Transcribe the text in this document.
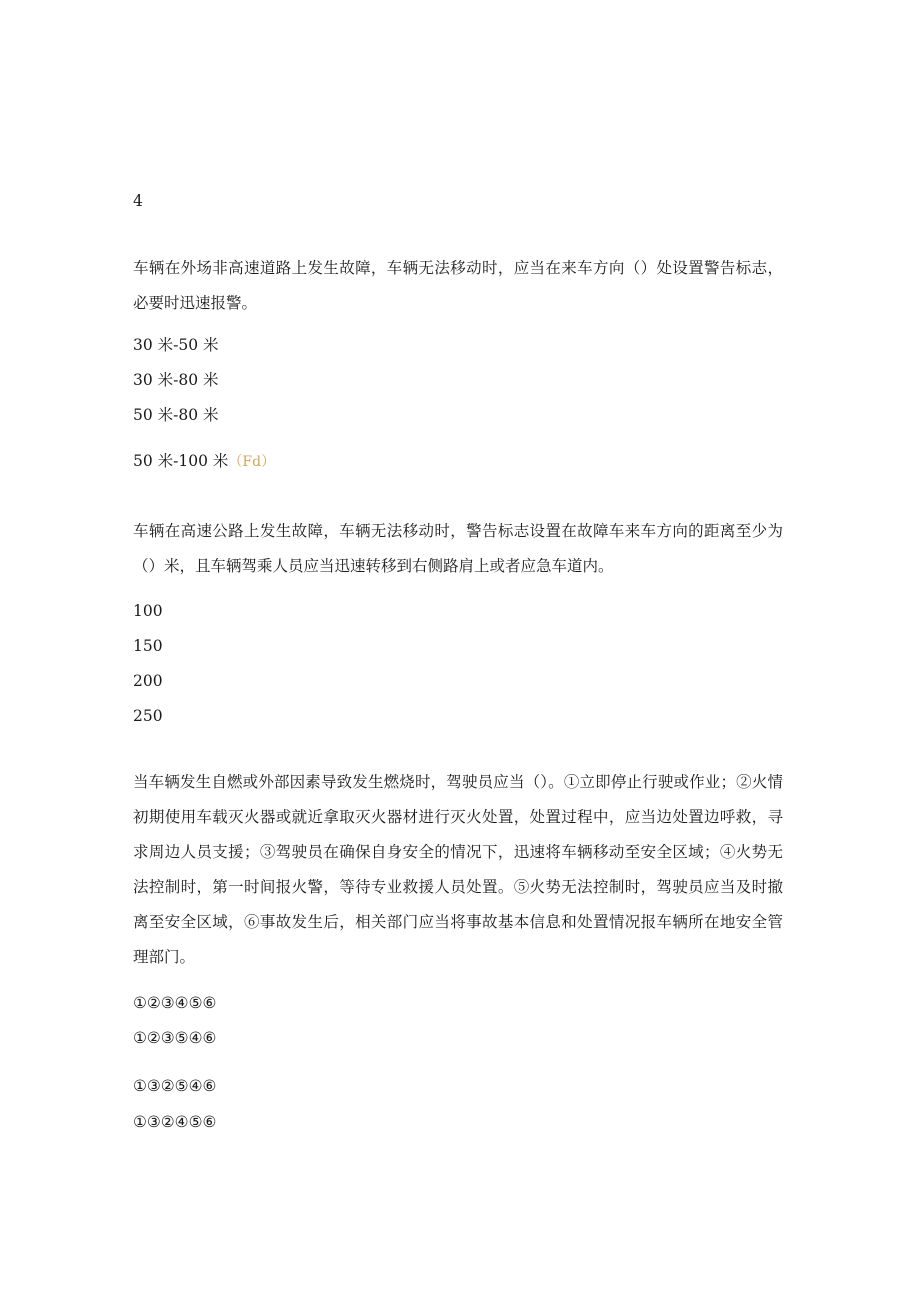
4
车辆在外场非高速道路上发生故障，车辆无法移动时，应当在来车方向（）处设置警告标志，必要时迅速报警。
30 米-50 米
30 米-80 米
50 米-80 米
50 米-100 米（Fd）
车辆在高速公路上发生故障，车辆无法移动时，警告标志设置在故障车来车方向的距离至少为（）米，且车辆驾乘人员应当迅速转移到右侧路肩上或者应急车道内。
100
150
200
250
当车辆发生自燃或外部因素导致发生燃烧时，驾驶员应当（）。①立即停止行驶或作业；②火情初期使用车载灭火器或就近拿取灭火器材进行灭火处置，处置过程中，应当边处置边呼救，寻求周边人员支援；③驾驶员在确保自身安全的情况下，迅速将车辆移动至安全区域；④火势无法控制时，第一时间报火警，等待专业救援人员处置。⑤火势无法控制时，驾驶员应当及时撤离至安全区域，⑥事故发生后，相关部门应当将事故基本信息和处置情况报车辆所在地安全管理部门。
①②③④⑤⑥
①②③⑤④⑥
①③②⑤④⑥
①③②④⑤⑥
